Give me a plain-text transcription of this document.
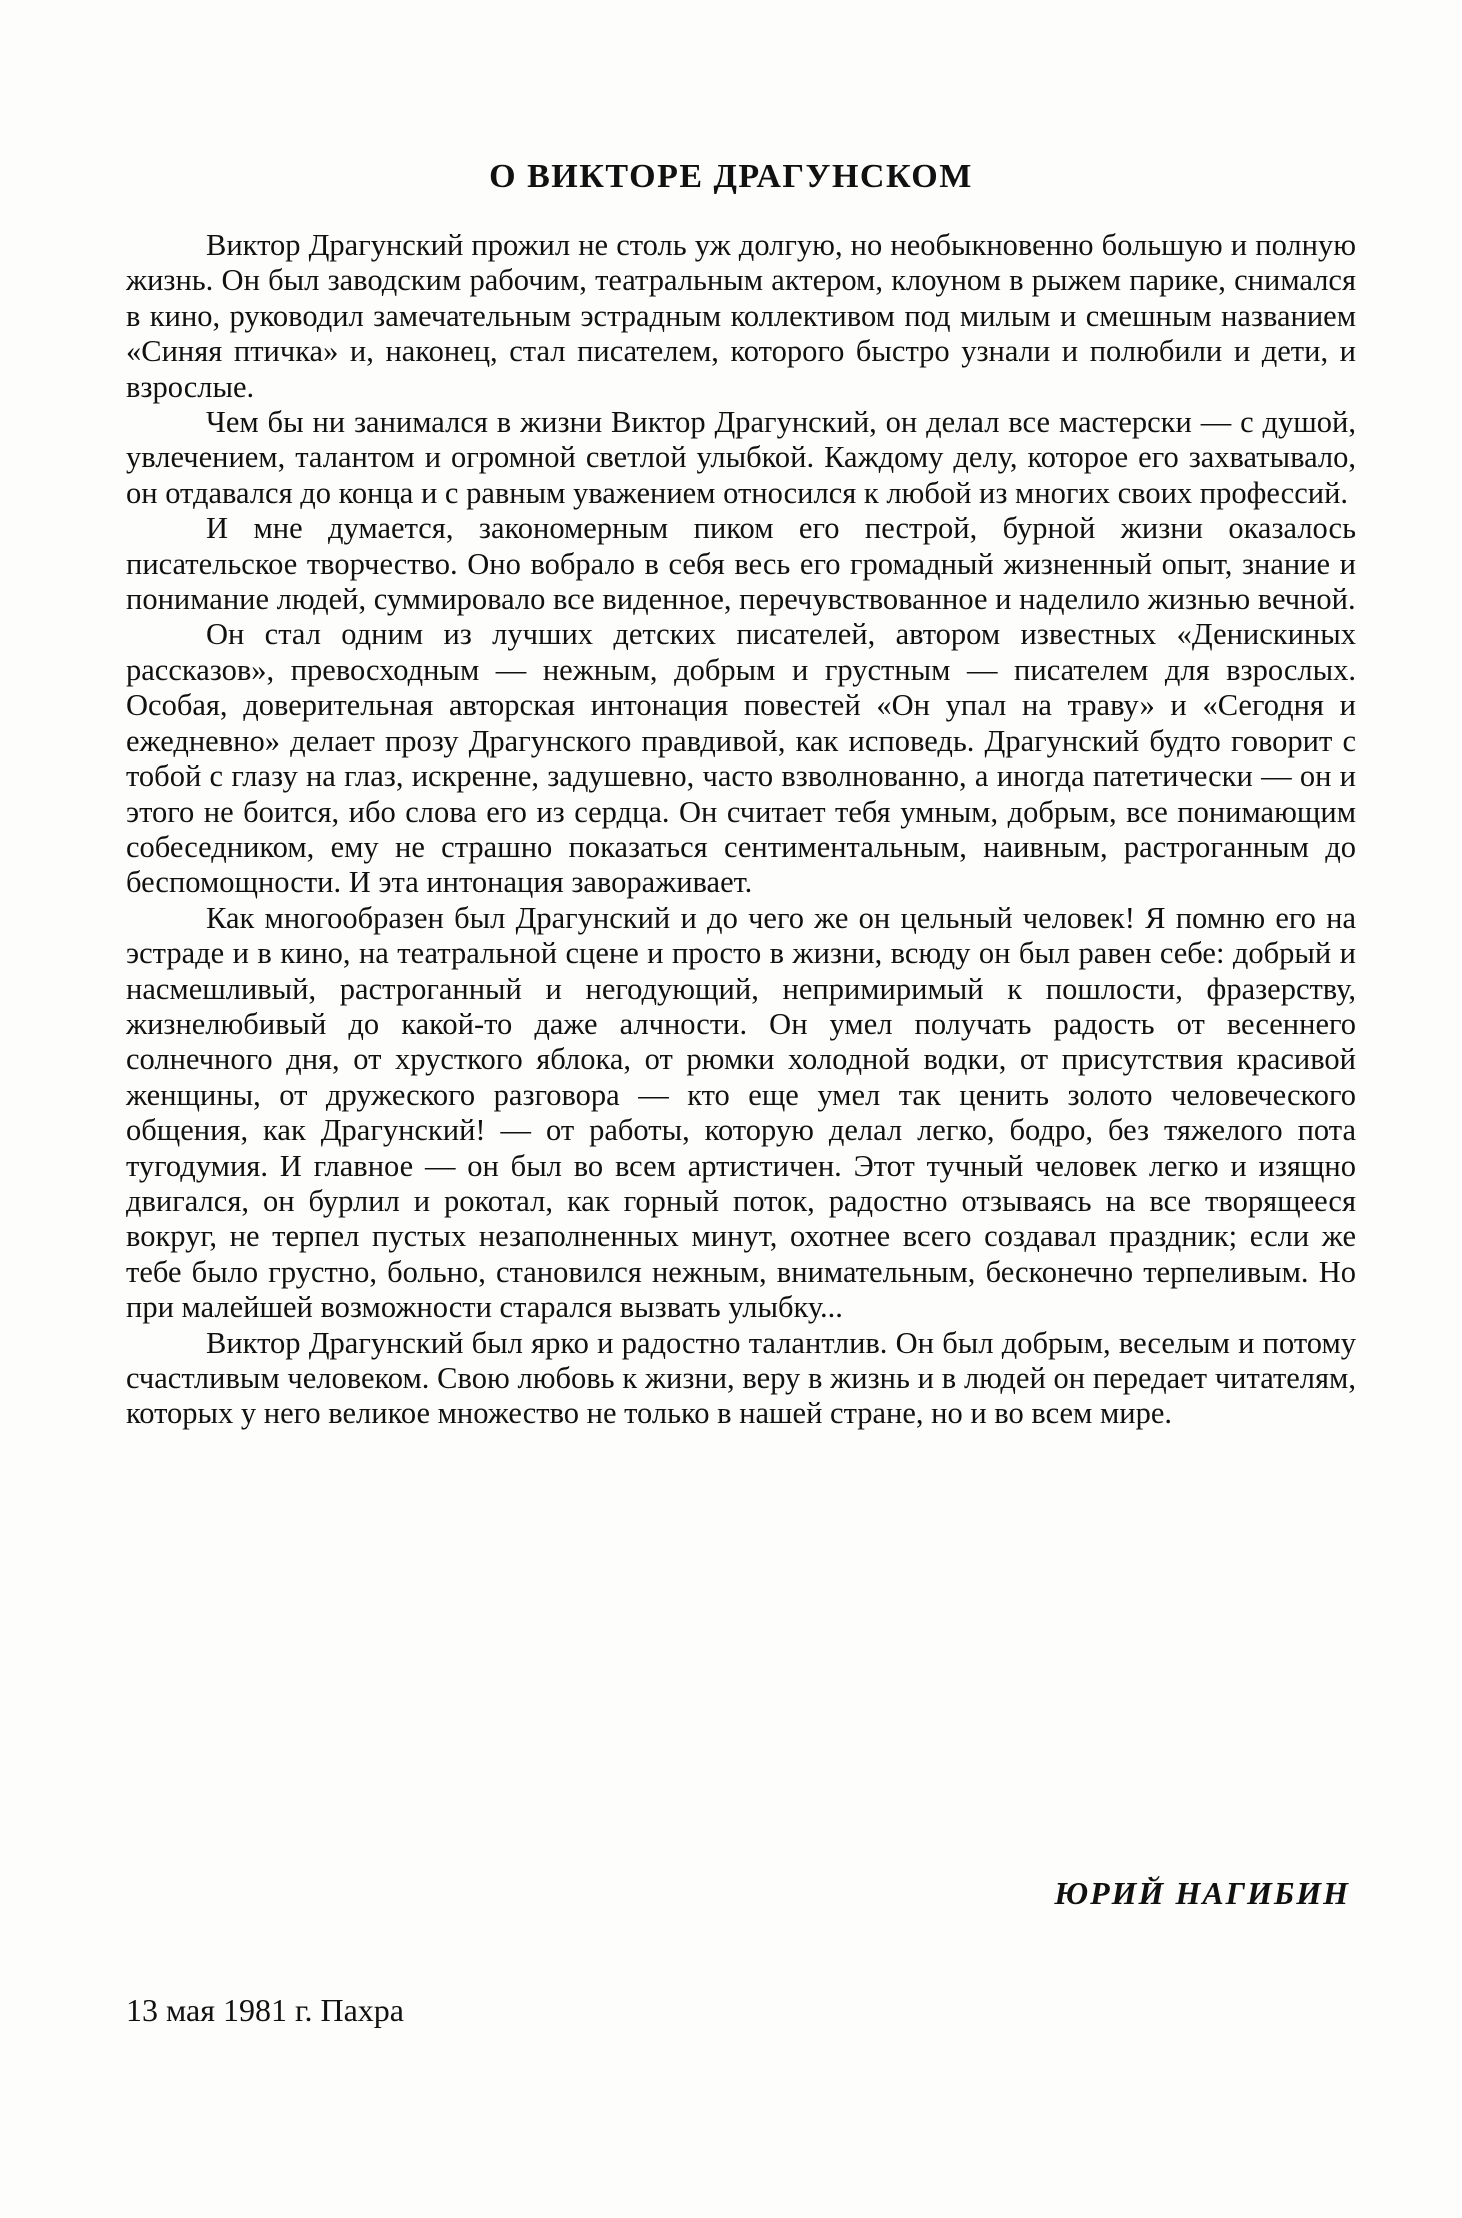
О ВИКТОРЕ ДРАГУНСКОМ

Виктор Драгунский прожил не столь уж долгую, но необыкновенно большую и полную жизнь. Он был заводским рабочим, театральным актером, клоуном в рыжем парике, снимался в кино, руководил замечательным эстрадным коллективом под милым и смешным названием «Синяя птичка» и, наконец, стал писателем, которого быстро узнали и полюбили и дети, и взрослые.

Чем бы ни занимался в жизни Виктор Драгунский, он делал все мастерски — с душой, увлечением, талантом и огромной светлой улыбкой. Каждому делу, которое его захватывало, он отдавался до конца и с равным уважением относился к любой из многих своих профессий.

И мне думается, закономерным пиком его пестрой, бурной жизни оказалось писательское творчество. Оно вобрало в себя весь его громадный жизненный опыт, знание и понимание людей, суммировало все виденное, перечувствованное и наделило жизнью вечной.

Он стал одним из лучших детских писателей, автором известных «Денискиных рассказов», превосходным — нежным, добрым и грустным — писателем для взрослых. Особая, доверительная авторская интонация повестей «Он упал на траву» и «Сегодня и ежедневно» делает прозу Драгунского правдивой, как исповедь. Драгунский будто говорит с тобой с глазу на глаз, искренне, задушевно, часто взволнованно, а иногда патетически — он и этого не боится, ибо слова его из сердца. Он считает тебя умным, добрым, все понимающим собеседником, ему не страшно показаться сентиментальным, наивным, растроганным до беспомощности. И эта интонация завораживает.

Как многообразен был Драгунский и до чего же он цельный человек! Я помню его на эстраде и в кино, на театральной сцене и просто в жизни, всюду он был равен себе: добрый и насмешливый, растроганный и негодующий, непримиримый к пошлости, фразерству, жизнелюбивый до какой-то даже алчности. Он умел получать радость от весеннего солнечного дня, от хрусткого яблока, от рюмки холодной водки, от присутствия красивой женщины, от дружеского разговора — кто еще умел так ценить золото человеческого общения, как Драгунский! — от работы, которую делал легко, бодро, без тяжелого пота тугодумия. И главное — он был во всем артистичен. Этот тучный человек легко и изящно двигался, он бурлил и рокотал, как горный поток, радостно отзываясь на все творящееся вокруг, не терпел пустых незаполненных минут, охотнее всего создавал праздник; если же тебе было грустно, больно, становился нежным, внимательным, бесконечно терпеливым. Но при малейшей возможности старался вызвать улыбку...

Виктор Драгунский был ярко и радостно талантлив. Он был добрым, веселым и потому счастливым человеком. Свою любовь к жизни, веру в жизнь и в людей он передает читателям, которых у него великое множество не только в нашей стране, но и во всем мире.

ЮРИЙ НАГИБИН
13 мая 1981 г. Пахра
